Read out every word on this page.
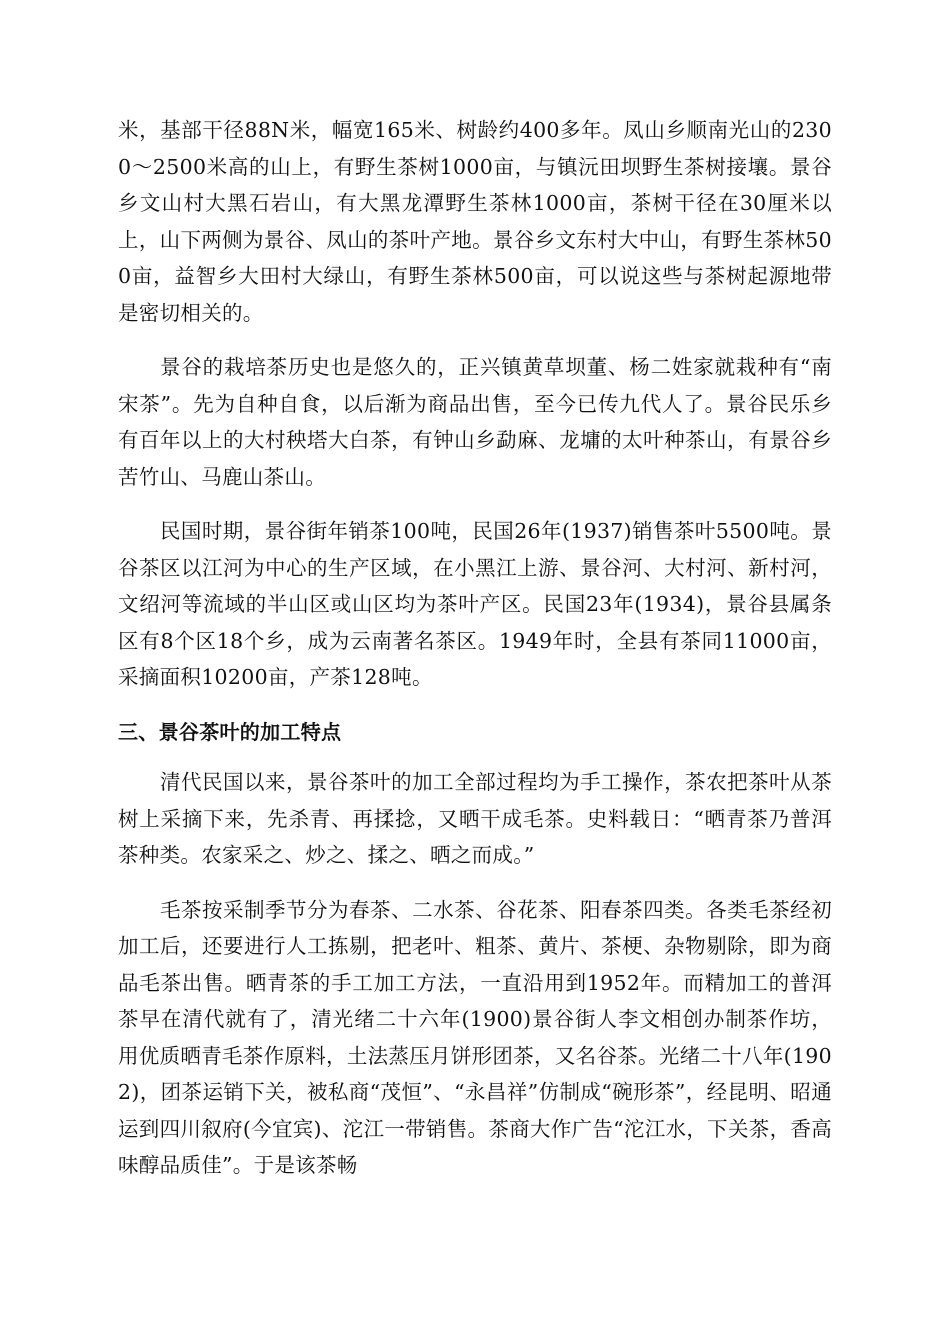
米，基部干径88N米，幅宽165米、树龄约400多年。凤山乡顺南光山的2300～2500米高的山上，有野生茶树1000亩，与镇沅田坝野生茶树接壤。景谷乡文山村大黑石岩山，有大黑龙潭野生茶林1000亩，茶树干径在30厘米以上，山下两侧为景谷、凤山的茶叶产地。景谷乡文东村大中山，有野生茶林500亩，益智乡大田村大绿山，有野生茶林500亩，可以说这些与茶树起源地带是密切相关的。

景谷的栽培茶历史也是悠久的，正兴镇黄草坝董、杨二姓家就栽种有“南宋茶”。先为自种自食，以后渐为商品出售，至今已传九代人了。景谷民乐乡有百年以上的大村秧塔大白茶，有钟山乡勐麻、龙墉的太叶种茶山，有景谷乡苦竹山、马鹿山茶山。

民国时期，景谷街年销茶100吨，民国26年(1937)销售茶叶5500吨。景谷茶区以江河为中心的生产区域，在小黑江上游、景谷河、大村河、新村河，文绍河等流域的半山区或山区均为茶叶产区。民国23年(1934)，景谷县属条区有8个区18个乡，成为云南著名茶区。1949年时，全县有茶同11000亩，采摘面积10200亩，产茶128吨。

三、景谷茶叶的加工特点

清代民国以来，景谷茶叶的加工全部过程均为手工操作，茶农把茶叶从茶树上采摘下来，先杀青、再揉捻，又晒干成毛茶。史料载日：“晒青茶乃普洱茶种类。农家采之、炒之、揉之、晒之而成。”

毛茶按采制季节分为春茶、二水茶、谷花茶、阳春茶四类。各类毛茶经初加工后，还要进行人工拣剔，把老叶、粗茶、黄片、茶梗、杂物剔除，即为商品毛茶出售。晒青茶的手工加工方法，一直沿用到1952年。而精加工的普洱茶早在清代就有了，清光绪二十六年(1900)景谷街人李文相创办制茶作坊，用优质晒青毛茶作原料，土法蒸压月饼形团茶，又名谷茶。光绪二十八年(1902)，团茶运销下关，被私商“茂恒”、“永昌祥”仿制成“碗形茶”，经昆明、昭通运到四川叙府(今宜宾)、沱江一带销售。茶商大作广告“沱江水，下关茶，香高味醇品质佳”。于是该茶畅
